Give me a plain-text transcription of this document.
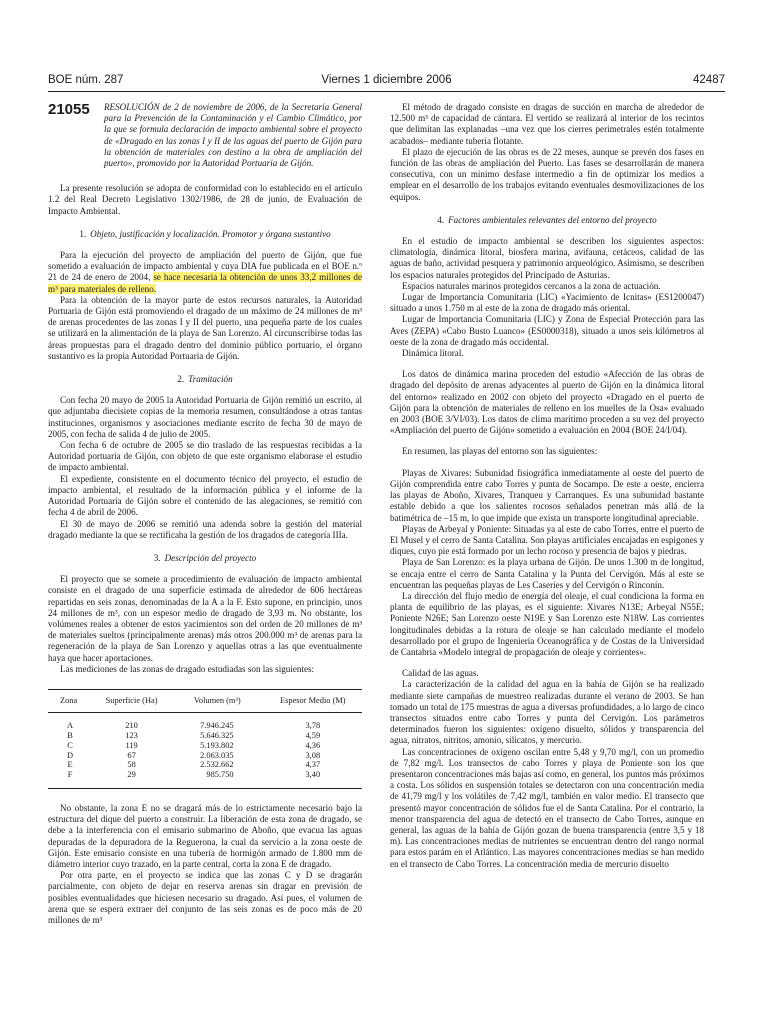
BOE núm. 287	Viernes 1 diciembre 2006	42487
21055	RESOLUCIÓN de 2 de noviembre de 2006, de la Secretaría General para la Prevención de la Contaminación y el Cambio Climático, por la que se formula declaración de impacto ambiental sobre el proyecto de «Dragado en las zonas I y II de las aguas del puerto de Gijón para la obtención de materiales con destino a la obra de ampliación del puerto», promovido por la Autoridad Portuaria de Gijón.

La presente resolución se adopta de conformidad con lo establecido en el artículo 1.2 del Real Decreto Legislativo 1302/1986, de 28 de junio, de Evaluación de Impacto Ambiental.

1. Objeto, justificación y localización. Promotor y órgano sustantivo

Para la ejecución del proyecto de ampliación del puerto de Gijón, que fue sometido a evaluación de impacto ambiental y cuya DIA fue publicada en el BOE n.º 21 de 24 de enero de 2004, se hace necesaria la obtención de unos 33,2 millones de m³ para materiales de relleno.

Para la obtención de la mayor parte de estos recursos naturales, la Autoridad Portuaria de Gijón está promoviendo el dragado de un máximo de 24 millones de m³ de arenas procedentes de las zonas I y II del puerto, una pequeña parte de los cuales se utilizará en la alimentación de la playa de San Lorenzo. Al circunscribirse todas las áreas propuestas para el dragado dentro del dominio público portuario, el órgano sustantivo es la propia Autoridad Portuaria de Gijón.

2. Tramitación

Con fecha 20 mayo de 2005 la Autoridad Portuaria de Gijón remitió un escrito, al que adjuntaba diecisiete copias de la memoria resumen, consultándose a otras tantas instituciones, organismos y asociaciones mediante escrito de fecha 30 de mayo de 2005, con fecha de salida 4 de julio de 2005.

Con fecha 6 de octubre de 2005 se dio traslado de las respuestas recibidas a la Autoridad portuaria de Gijón, con objeto de que este organismo elaborase el estudio de impacto ambiental.

El expediente, consistente en el documento técnico del proyecto, el estudio de impacto ambiental, el resultado de la información pública y el informe de la Autoridad Portuaria de Gijón sobre el contenido de las alegaciones, se remitió con fecha 4 de abril de 2006.

El 30 de mayo de 2006 se remitió una adenda sobre la gestión del material dragado mediante la que se rectificaba la gestión de los dragados de categoría IIIa.

3. Descripción del proyecto

El proyecto que se somete a procedimiento de evaluación de impacto ambiental consiste en el dragado de una superficie estimada de alrededor de 606 hectáreas repartidas en seis zonas, denominadas de la A a la F. Esto supone, en principio, unos 24 millones de m³, con un espesor medio de dragado de 3,93 m. No obstante, los volúmenes reales a obtener de estos yacimientos son del orden de 20 millones de m³ de materiales sueltos (principalmente arenas) más otros 200.000 m³ de arenas para la regeneración de la playa de San Lorenzo y aquellas otras a las que eventualmente haya que hacer aportaciones.

Las mediciones de las zonas de dragado estudiadas son las siguientes:

Zona	Superficie (Ha)	Volumen (m³)	Espesor Medio (M)
A	210	7.946.245	3,78
B	123	5.646.325	4,59
C	119	5.193.802	4,36
D	67	2.063.035	3,08
E	58	2.532.662	4,37
F	29	985.750	3,40

No obstante, la zona E no se dragará más de lo estrictamente necesario bajo la estructura del dique del puerto a construir. La liberación de esta zona de dragado, se debe a la interferencia con el emisario submarino de Aboño, que evacua las aguas depuradas de la depuradora de la Reguerona, la cual da servicio a la zona oeste de Gijón. Este emisario consiste en una tubería de hormigón armado de 1.800 mm de diámetro interior cuyo trazado, en la parte central, corta la zona E de dragado.

Por otra parte, en el proyecto se indica que las zonas C y D se dragarán parcialmente, con objeto de dejar en reserva arenas sin dragar en previsión de posibles eventualidades que hiciesen necesario su dragado. Así pues, el volumen de arena que se espera extraer del conjunto de las seis zonas es de poco más de 20 millones de m³

El método de dragado consiste en dragas de succión en marcha de alrededor de 12.500 m³ de capacidad de cántara. El vertido se realizará al interior de los recintos que delimitan las explanadas –una vez que los cierres perimetrales estén totalmente acabados– mediante tubería flotante.

El plazo de ejecución de las obras es de 22 meses, aunque se prevén dos fases en función de las obras de ampliación del Puerto. Las fases se desarrollarán de manera consecutiva, con un mínimo desfase intermedio a fin de optimizar los medios a emplear en el desarrollo de los trabajos evitando eventuales desmovilizaciones de los equipos.

4. Factores ambientales relevantes del entorno del proyecto

En el estudio de impacto ambiental se describen los siguientes aspectos: climatología, dinámica litoral, biosfera marina, avifauna, cetáceos, calidad de las aguas de baño, actividad pesquera y patrimonio arqueológico. Asimismo, se describen los espacios naturales protegidos del Principado de Asturias.

Espacios naturales marinos protegidos cercanos a la zona de actuación.

Lugar de Importancia Comunitaria (LIC) «Yacimiento de Icnitas» (ES1200047) situado a unos 1.750 m al este de la zona de dragado más oriental.

Lugar de Importancia Comunitaria (LIC) y Zona de Especial Protección para las Aves (ZEPA) «Cabo Busto Luanco» (ES0000318), situado a unos seis kilómetros al oeste de la zona de dragado más occidental.

Dinámica litoral.

Los datos de dinámica marina proceden del estudio «Afección de las obras de dragado del depósito de arenas adyacentes al puerto de Gijón en la dinámica litoral del entorno» realizado en 2002 con objeto del proyecto «Dragado en el puerto de Gijón para la obtención de materiales de relleno en los muelles de la Osa» evaluado en 2003 (BOE 3/VI/03). Los datos de clima marítimo proceden a su vez del proyecto «Ampliación del puerto de Gijón» sometido a evaluación en 2004 (BOE 24/I/04).

En resumen, las playas del entorno son las siguientes:

Playas de Xivares: Subunidad fisiográfica inmediatamente al oeste del puerto de Gijón comprendida entre cabo Torres y punta de Socampo. De este a oeste, encierra las playas de Aboño, Xivares, Tranqueu y Carranques. Es una subunidad bastante estable debido a que los salientes rocosos señalados penetran más allá de la batimétrica de –15 m, lo que impide que exista un transporte longitudinal apreciable.

Playas de Arbeyal y Poniente: Situadas ya al este de cabo Torres, entre el puerto de El Musel y el cerro de Santa Catalina. Son playas artificiales encajadas en espigones y diques, cuyo pie está formado por un lecho rocoso y presencia de bajos y piedras.

Playa de San Lorenzo: es la playa urbana de Gijón. De unos 1.300 m de longitud, se encaja entre el cerro de Santa Catalina y la Punta del Cervigón. Más al este se encuentran las pequeñas playas de Les Caseríes y del Cervigón o Rinconín.

La dirección del flujo medio de energía del oleaje, el cual condiciona la forma en planta de equilibrio de las playas, es el siguiente: Xivares N13E; Arbeyal N55E; Poniente N26E; San Lorenzo oeste N19E y San Lorenzo este N18W. Las corrientes longitudinales debidas a la rotura de oleaje se han calculado mediante el modelo desarrollado por el grupo de Ingeniería Oceanográfica y de Costas de la Universidad de Cantabria «Modelo integral de propagación de oleaje y corrientes».

Calidad de las aguas.

La caracterización de la calidad del agua en la bahía de Gijón se ha realizado mediante siete campañas de muestreo realizadas durante el verano de 2003. Se han tomado un total de 175 muestras de agua a diversas profundidades, a lo largo de cinco transectos situados entre cabo Torres y punta del Cervigón. Los parámetros determinados fueron los siguientes: oxígeno disuelto, sólidos y transparencia del agua, nitratos, nitritos, amonio, silicatos, y mercurio.

Las concentraciones de oxígeno oscilan entre 5,48 y 9,70 mg/l, con un promedio de 7,82 mg/l. Los transectos de cabo Torres y playa de Poniente son los que presentaron concentraciones más bajas así como, en general, los puntos más próximos a costa. Los sólidos en suspensión totales se detectaron con una concentración media de 41,79 mg/l y los volátiles de 7,42 mg/l, también en valor medio. El transecto que presentó mayor concentración de sólidos fue el de Santa Catalina. Por el contrario, la menor transparencia del agua de detectó en el transecto de Cabo Torres, aunque en general, las aguas de la bahía de Gijón gozan de buena transparencia (entre 3,5 y 18 m). Las concentraciones medias de nutrientes se encuentran dentro del rango normal para estos parám en el Atlántico. Las mayores concentraciones medias se han medido en el transecto de Cabo Torres. La concentración media de mercurio disuelto
